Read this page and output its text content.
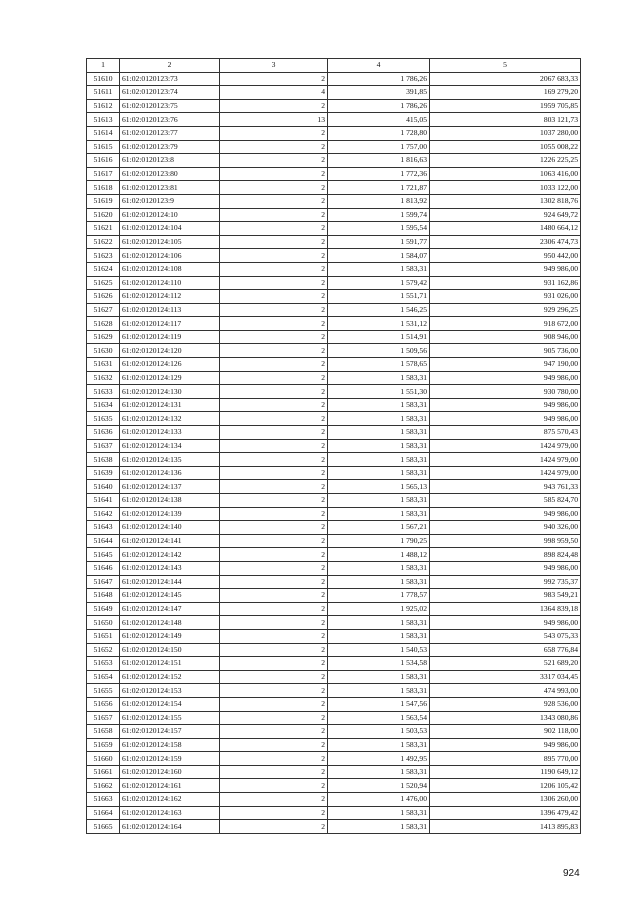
1	2	3	4	5
51610	61:02:0120123:73	2	1 786,26	2067 683,33
51611	61:02:0120123:74	4	391,85	169 279,20
51612	61:02:0120123:75	2	1 786,26	1959 705,85
51613	61:02:0120123:76	13	415,05	803 121,73
51614	61:02:0120123:77	2	1 728,80	1037 280,00
51615	61:02:0120123:79	2	1 757,00	1055 008,22
51616	61:02:0120123:8	2	1 816,63	1226 225,25
51617	61:02:0120123:80	2	1 772,36	1063 416,00
51618	61:02:0120123:81	2	1 721,87	1033 122,00
51619	61:02:0120123:9	2	1 813,92	1302 818,76
51620	61:02:0120124:10	2	1 599,74	924 649,72
51621	61:02:0120124:104	2	1 595,54	1480 664,12
51622	61:02:0120124:105	2	1 591,77	2306 474,73
51623	61:02:0120124:106	2	1 584,07	950 442,00
51624	61:02:0120124:108	2	1 583,31	949 986,00
51625	61:02:0120124:110	2	1 579,42	931 162,86
51626	61:02:0120124:112	2	1 551,71	931 026,00
51627	61:02:0120124:113	2	1 546,25	929 296,25
51628	61:02:0120124:117	2	1 531,12	918 672,00
51629	61:02:0120124:119	2	1 514,91	908 946,00
51630	61:02:0120124:120	2	1 509,56	905 736,00
51631	61:02:0120124:126	2	1 578,65	947 190,00
51632	61:02:0120124:129	2	1 583,31	949 986,00
51633	61:02:0120124:130	2	1 551,30	930 780,00
51634	61:02:0120124:131	2	1 583,31	949 986,00
51635	61:02:0120124:132	2	1 583,31	949 986,00
51636	61:02:0120124:133	2	1 583,31	875 570,43
51637	61:02:0120124:134	2	1 583,31	1424 979,00
51638	61:02:0120124:135	2	1 583,31	1424 979,00
51639	61:02:0120124:136	2	1 583,31	1424 979,00
51640	61:02:0120124:137	2	1 565,13	943 761,33
51641	61:02:0120124:138	2	1 583,31	585 824,70
51642	61:02:0120124:139	2	1 583,31	949 986,00
51643	61:02:0120124:140	2	1 567,21	940 326,00
51644	61:02:0120124:141	2	1 790,25	998 959,50
51645	61:02:0120124:142	2	1 488,12	898 824,48
51646	61:02:0120124:143	2	1 583,31	949 986,00
51647	61:02:0120124:144	2	1 583,31	992 735,37
51648	61:02:0120124:145	2	1 778,57	983 549,21
51649	61:02:0120124:147	2	1 925,02	1364 839,18
51650	61:02:0120124:148	2	1 583,31	949 986,00
51651	61:02:0120124:149	2	1 583,31	543 075,33
51652	61:02:0120124:150	2	1 540,53	658 776,84
51653	61:02:0120124:151	2	1 534,58	521 689,20
51654	61:02:0120124:152	2	1 583,31	3317 034,45
51655	61:02:0120124:153	2	1 583,31	474 993,00
51656	61:02:0120124:154	2	1 547,56	928 536,00
51657	61:02:0120124:155	2	1 563,54	1343 080,86
51658	61:02:0120124:157	2	1 503,53	902 118,00
51659	61:02:0120124:158	2	1 583,31	949 986,00
51660	61:02:0120124:159	2	1 492,95	895 770,00
51661	61:02:0120124:160	2	1 583,31	1190 649,12
51662	61:02:0120124:161	2	1 520,94	1206 105,42
51663	61:02:0120124:162	2	1 476,00	1306 260,00
51664	61:02:0120124:163	2	1 583,31	1396 479,42
51665	61:02:0120124:164	2	1 583,31	1413 895,83
924
